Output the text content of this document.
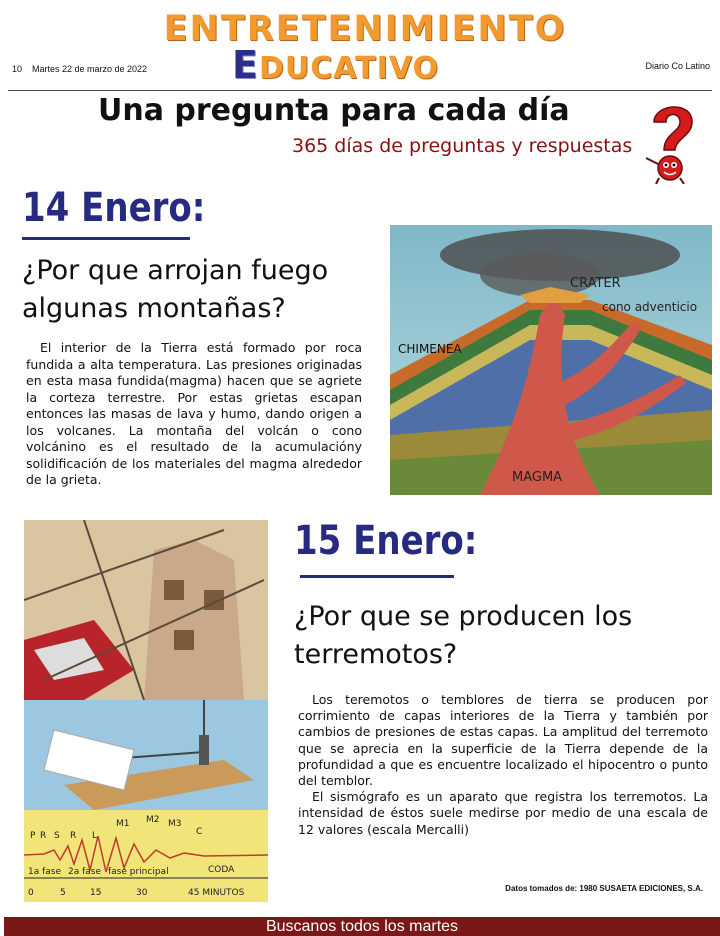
ENTRETENIMIENTO
EDUCATIVO
10 Martes 22 de marzo de 2022	Diario Co Latino
Una pregunta para cada día
365 días de preguntas y respuestas
14 Enero:
¿Por que arrojan fuego algunas montañas?
El interior de la Tierra está formado por roca fundida a alta temperatura. Las presiones originadas en esta masa fundida(magma) hacen que se agriete la corteza terrestre. Por estas grietas escapan entonces las masas de lava y humo, dando origen a los volcanes. La montaña del volcán o cono volcánino es el resultado de la acumulacióny solidificación de los materiales del magma alrededor de la grieta.
CRATER
cono adventicio
CHIMENEA
MAGMA
P R S R L
M1 M2 M3
C
1a fase 2a fase fase principal	CODA
0	5	15	30	45 MINUTOS
15 Enero:
¿Por que se producen los terremotos?

Los teremotos o temblores de tierra se producen por corrimiento de capas interiores de la Tierra y también por cambios de presiones de estas capas. La amplitud del terremoto que se aprecia en la superficie de la Tierra depende de la profundidad a que es encuentre localizado el hipocentro o punto del temblor.

El sismógrafo es un aparato que registra los terremotos. La intensidad de éstos suele medirse por medio de una escala de 12 valores (escala Mercalli)

Datos tomados de: 1980 SUSAETA EDICIONES, S.A.
Buscanos todos los martes
